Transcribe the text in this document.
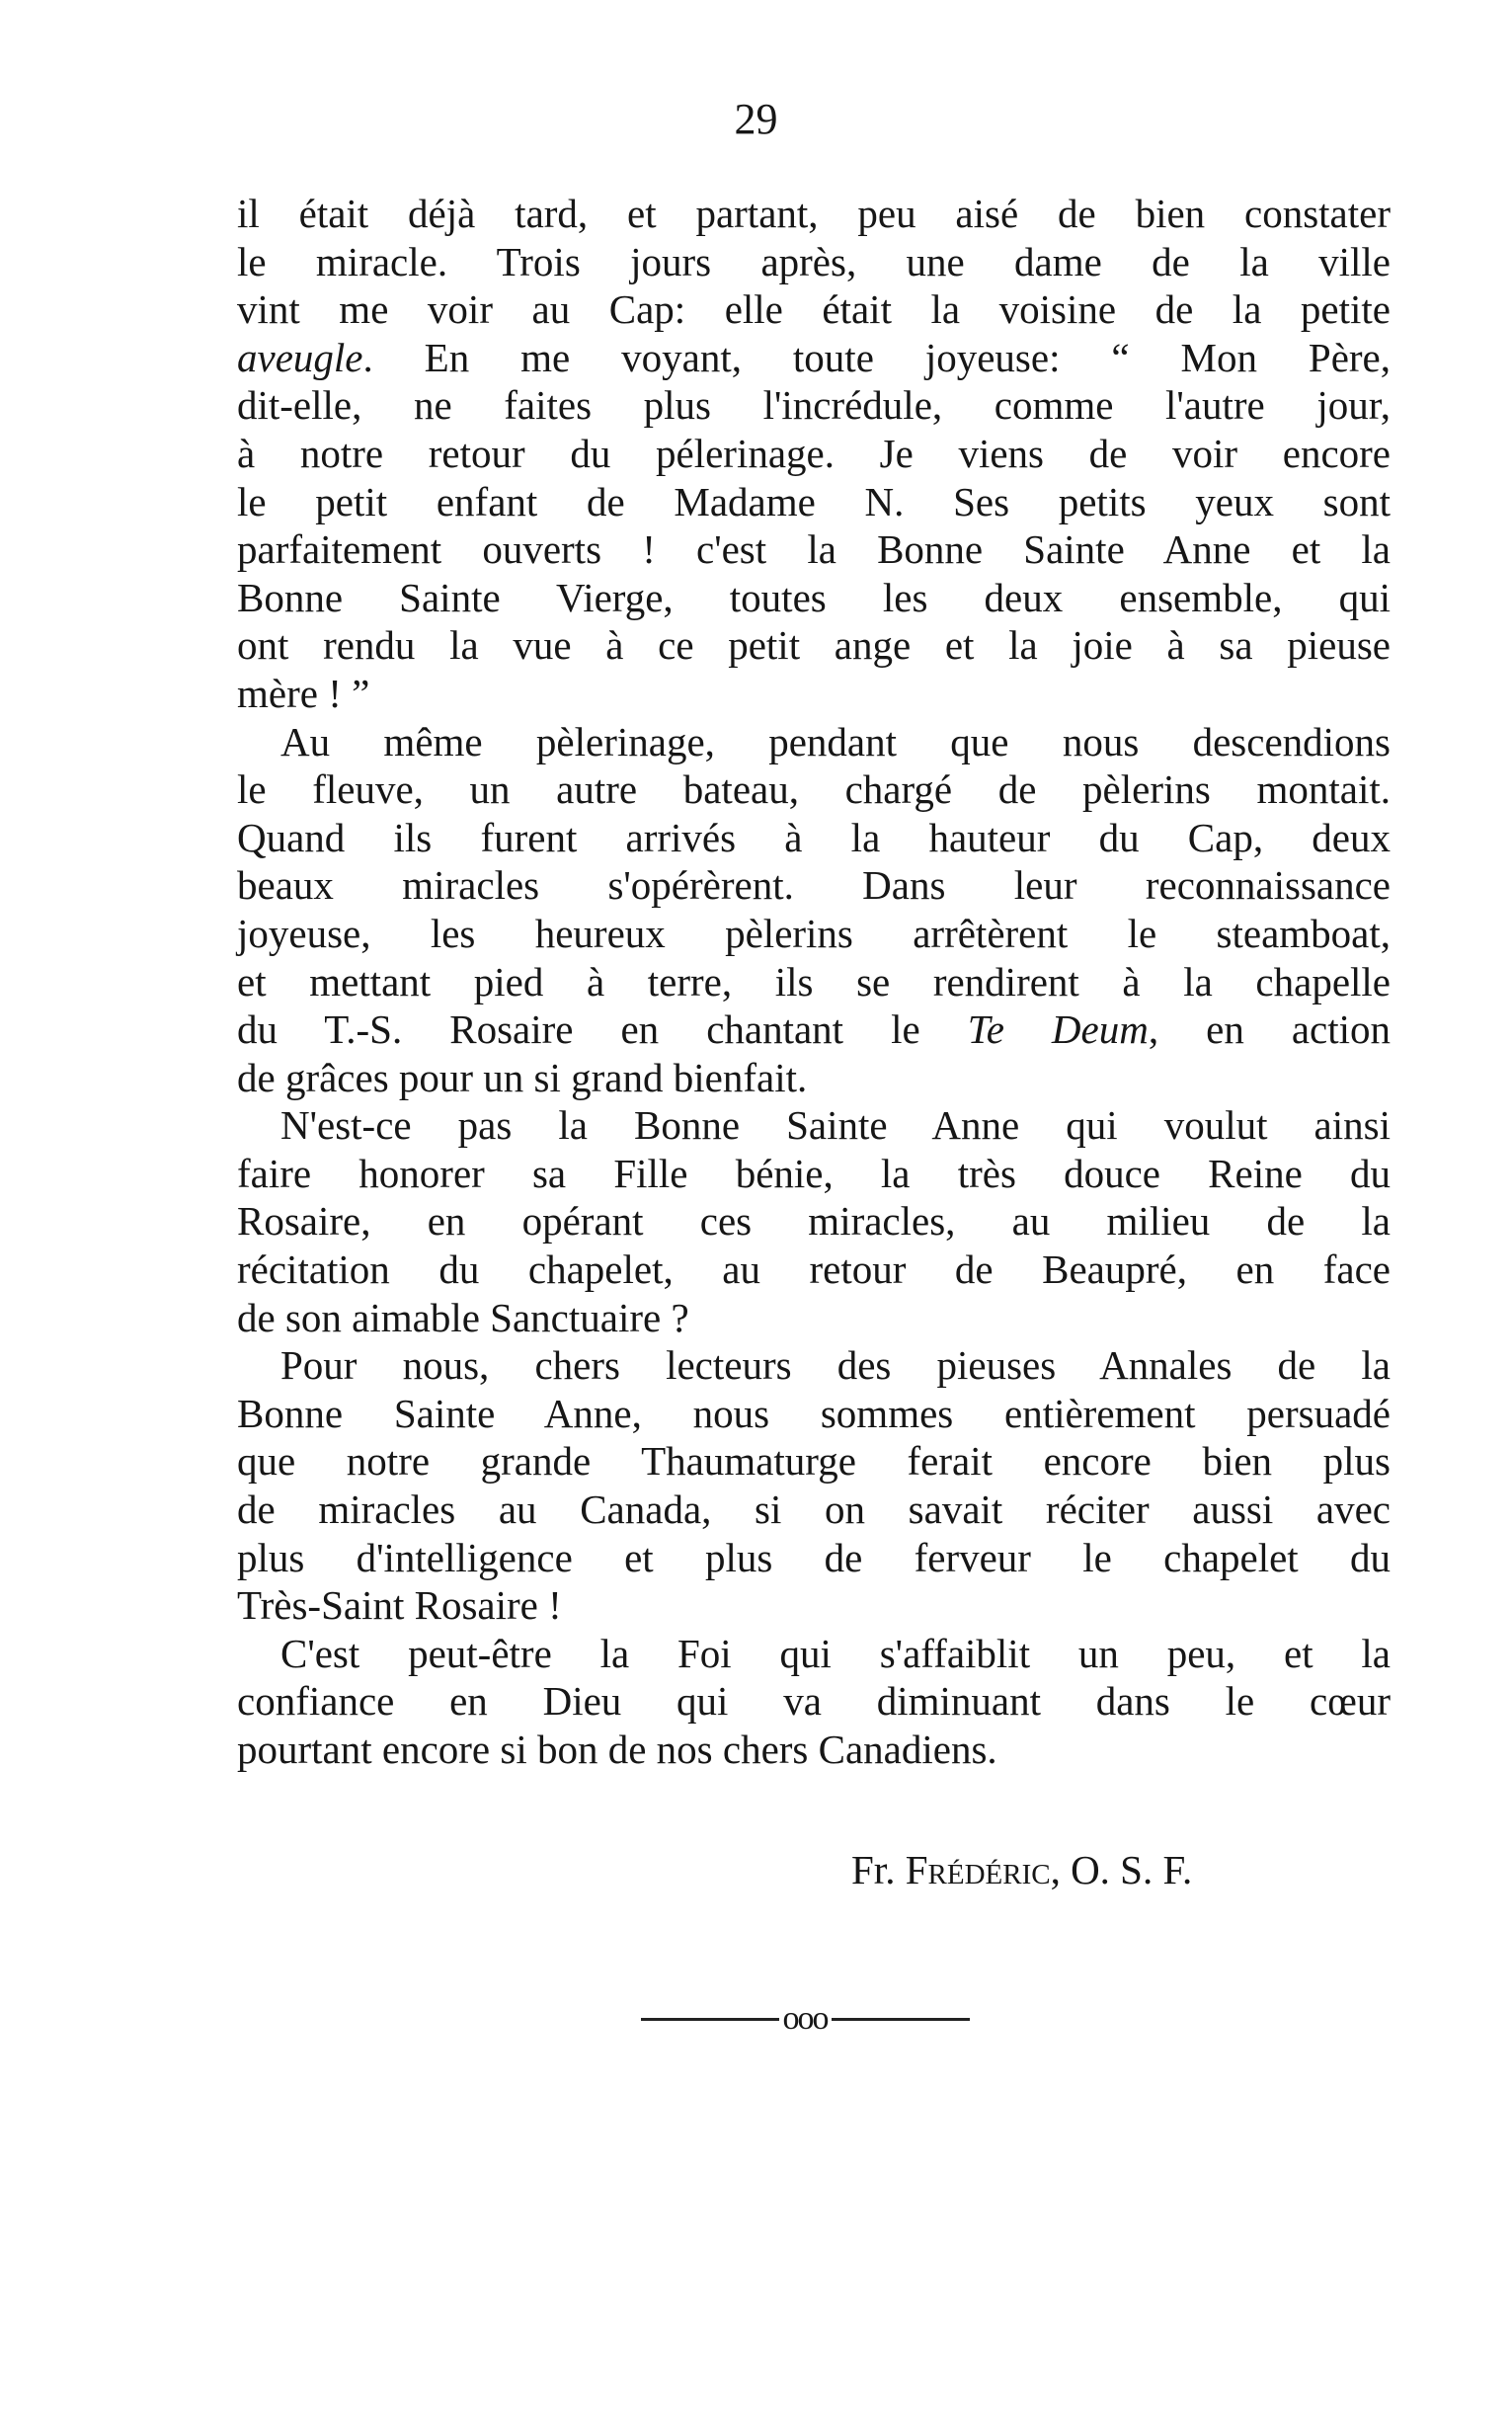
29
il était déjà tard, et partant, peu aisé de bien constater
le miracle. Trois jours après, une dame de la ville
vint me voir au Cap: elle était la voisine de la petite
aveugle. En me voyant, toute joyeuse: “ Mon Père,
dit-elle, ne faites plus l'incrédule, comme l'autre jour,
à notre retour du pélerinage. Je viens de voir encore
le petit enfant de Madame N. Ses petits yeux sont
parfaitement ouverts ! c'est la Bonne Sainte Anne et la
Bonne Sainte Vierge, toutes les deux ensemble, qui
ont rendu la vue à ce petit ange et la joie à sa pieuse
mère ! ”
Au même pèlerinage, pendant que nous descendions
le fleuve, un autre bateau, chargé de pèlerins montait.
Quand ils furent arrivés à la hauteur du Cap, deux
beaux miracles s'opérèrent. Dans leur reconnaissance
joyeuse, les heureux pèlerins arrêtèrent le steamboat,
et mettant pied à terre, ils se rendirent à la chapelle
du T.-S. Rosaire en chantant le Te Deum, en action
de grâces pour un si grand bienfait.
N'est-ce pas la Bonne Sainte Anne qui voulut ainsi
faire honorer sa Fille bénie, la très douce Reine du
Rosaire, en opérant ces miracles, au milieu de la
récitation du chapelet, au retour de Beaupré, en face
de son aimable Sanctuaire ?
Pour nous, chers lecteurs des pieuses Annales de la
Bonne Sainte Anne, nous sommes entièrement persuadé
que notre grande Thaumaturge ferait encore bien plus
de miracles au Canada, si on savait réciter aussi avec
plus d'intelligence et plus de ferveur le chapelet du
Très-Saint Rosaire !
C'est peut-être la Foi qui s'affaiblit un peu, et la
confiance en Dieu qui va diminuant dans le cœur
pourtant encore si bon de nos chers Canadiens.
Fr. Frédéric, O. S. F.
ooo
